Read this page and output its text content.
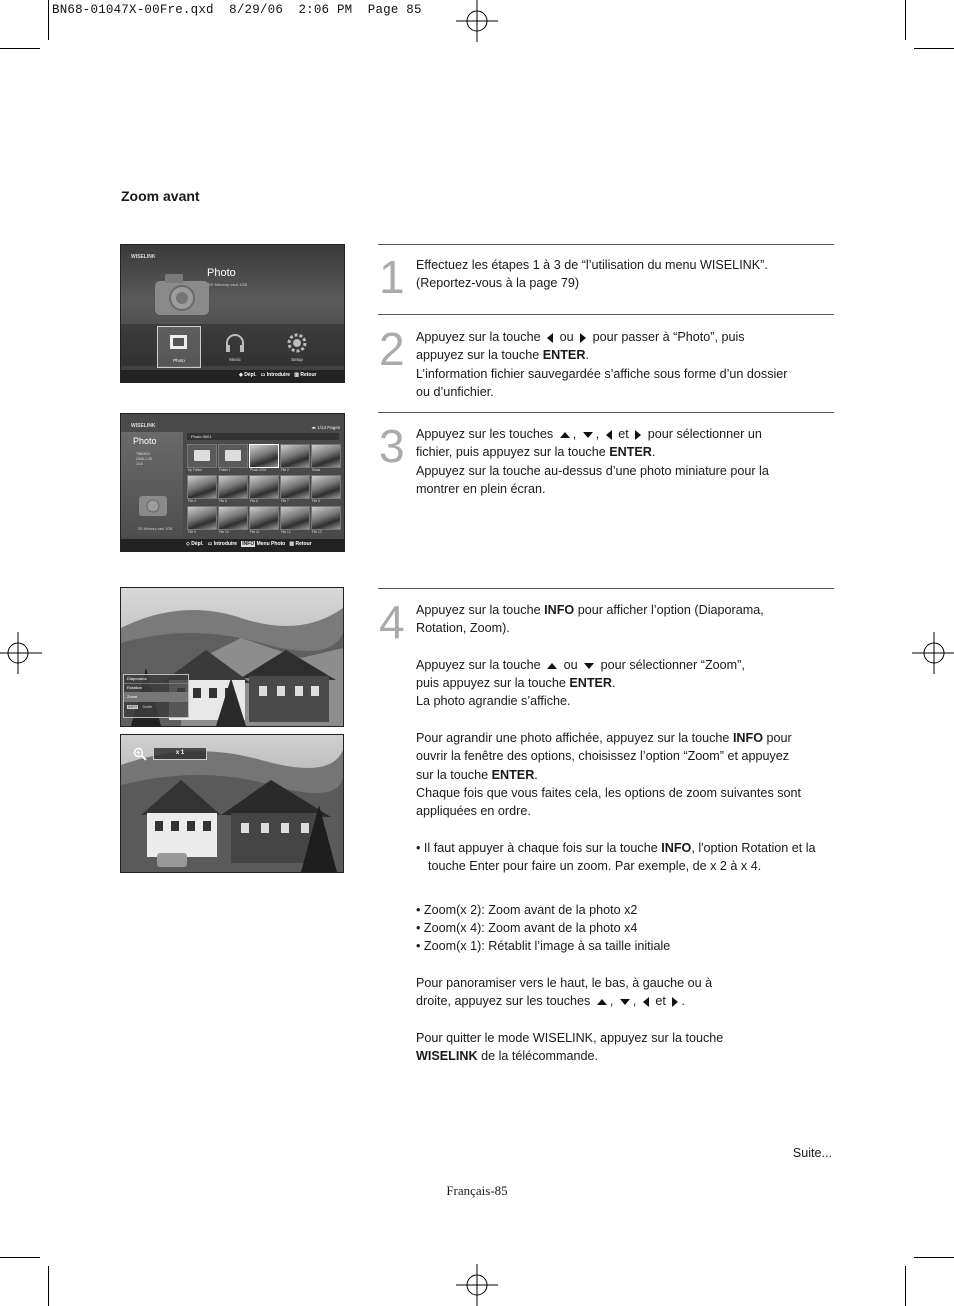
BN68-01047X-00Fre.qxd  8/29/06  2:06 PM  Page 85
Zoom avant
WISELINK
Photo
SD Memory card 1GB
Photo	Music	Setup
◆ Dépl.   ▭ Introduire   ▥ Retour
WISELINK	◂▸ 1/13 Pages
Photo
Title0001
2006-1-25
1/16
SD Memory card 1GB
Photo 0001
Up Folder	Folder 1	Photo 0001	File 2	Sania
File 4	File 5	File 6	File 7	File 8
File 9	File 10	File 11	File 12	File 13
◇ Dépl.   ▭ Introduire INFO Menu Photo   ▥ Retour
Diaporama
Rotation
Zoom
INFO Sortie
x 1
1
2
3
4

Effectuez les étapes 1 à 3 de “l’utilisation du menu WISELINK”.

(Reportez-vous à la page 79)

Appuyez sur la touche ou pour passer à “Photo”, puis

appuyez sur la touche ENTER.

L’information fichier sauvegardée s’affiche sous forme d’un dossier

ou d’unfichier.

Appuyez sur les touches , ,  et pour sélectionner un

fichier, puis appuyez sur la touche ENTER.

Appuyez sur la touche au-dessus d’une photo miniature pour la

montrer en plein écran.

Appuyez sur la touche INFO pour afficher l’option (Diaporama,

Rotation, Zoom).

Appuyez sur la touche ou pour sélectionner “Zoom”,

puis appuyez sur la touche ENTER.

La photo agrandie s’affiche.

Pour agrandir une photo affichée, appuyez sur la touche INFO pour

ouvrir la fenêtre des options, choisissez l’option “Zoom” et appuyez

sur la touche ENTER.

Chaque fois que vous faites cela, les options de zoom suivantes sont

appliquées en ordre.

• Il faut appuyer à chaque fois sur la touche INFO, l'option Rotation et la

touche Enter pour faire un zoom. Par exemple, de x 2 à x 4.

• Zoom(x 2): Zoom avant de la photo x2

• Zoom(x 4): Zoom avant de la photo x4

• Zoom(x 1): Rétablit l’image à sa taille initiale

Pour panoramiser vers le haut, le bas, à gauche ou à

droite, appuyez sur les touches , ,  et .

Pour quitter le mode WISELINK, appuyez sur la touche

WISELINK de la télécommande.

Suite...
Français-85
